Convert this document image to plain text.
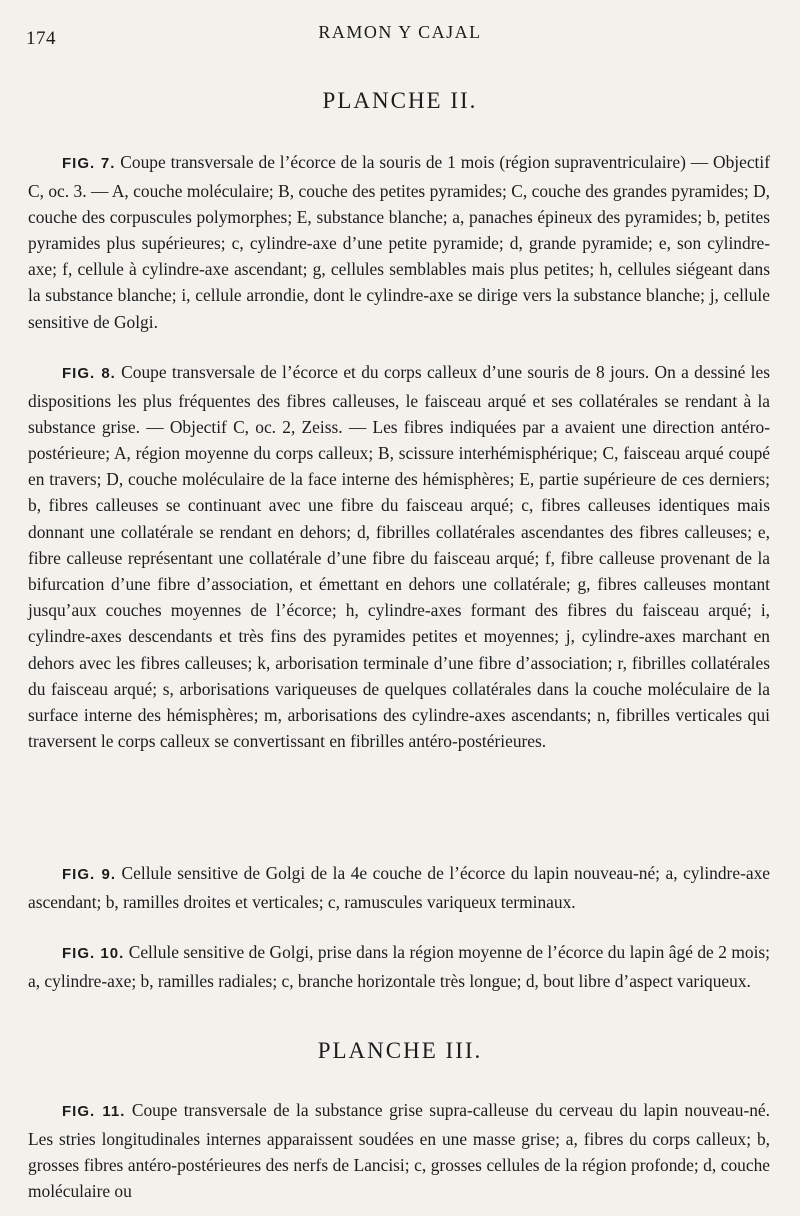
174	RAMON Y CAJAL
PLANCHE II.

FIG. 7. Coupe transversale de l’écorce de la souris de 1 mois (région supraventriculaire) — Objectif C, oc. 3. — A, couche moléculaire; B, couche des petites pyramides; C, couche des grandes pyramides; D, couche des corpuscules polymorphes; E, substance blanche; a, panaches épineux des pyramides; b, petites pyramides plus supérieures; c, cylindre-axe d’une petite pyramide; d, grande pyramide; e, son cylindre-axe; f, cellule à cylindre-axe ascendant; g, cellules semblables mais plus petites; h, cellules siégeant dans la substance blanche; i, cellule arrondie, dont le cylindre-axe se dirige vers la substance blanche; j, cellule sensitive de Golgi.

FIG. 8. Coupe transversale de l’écorce et du corps calleux d’une souris de 8 jours. On a dessiné les dispositions les plus fréquentes des fibres calleuses, le faisceau arqué et ses collatérales se rendant à la substance grise. — Objectif C, oc. 2, Zeiss. — Les fibres indiquées par a avaient une direction antéro-postérieure; A, région moyenne du corps calleux; B, scissure interhémisphérique; C, faisceau arqué coupé en travers; D, couche moléculaire de la face interne des hémisphères; E, partie supérieure de ces derniers; b, fibres calleuses se continuant avec une fibre du faisceau arqué; c, fibres calleuses identiques mais donnant une collatérale se rendant en dehors; d, fibrilles collatérales ascendantes des fibres calleuses; e, fibre calleuse représentant une collatérale d’une fibre du faisceau arqué; f, fibre calleuse provenant de la bifurcation d’une fibre d’association, et émettant en dehors une collatérale; g, fibres calleuses montant jusqu’aux couches moyennes de l’écorce; h, cylindre-axes formant des fibres du faisceau arqué; i, cylindre-axes descendants et très fins des pyramides petites et moyennes; j, cylindre-axes marchant en dehors avec les fibres calleuses; k, arborisation terminale d’une fibre d’association; r, fibrilles collatérales du faisceau arqué; s, arborisations variqueuses de quelques collatérales dans la couche moléculaire de la surface interne des hémisphères; m, arborisations des cylindre-axes ascendants; n, fibrilles verticales qui traversent le corps calleux se convertissant en fibrilles antéro-postérieures.

FIG. 9. Cellule sensitive de Golgi de la 4e couche de l’écorce du lapin nouveau-né; a, cylindre-axe ascendant; b, ramilles droites et verticales; c, ramuscules variqueux terminaux.

FIG. 10. Cellule sensitive de Golgi, prise dans la région moyenne de l’écorce du lapin âgé de 2 mois; a, cylindre-axe; b, ramilles radiales; c, branche horizontale très longue; d, bout libre d’aspect variqueux.

PLANCHE III.

FIG. 11. Coupe transversale de la substance grise supra-calleuse du cerveau du lapin nouveau-né. Les stries longitudinales internes apparaissent soudées en une masse grise; a, fibres du corps calleux; b, grosses fibres antéro-postérieures des nerfs de Lancisi; c, grosses cellules de la région profonde; d, couche moléculaire ou
